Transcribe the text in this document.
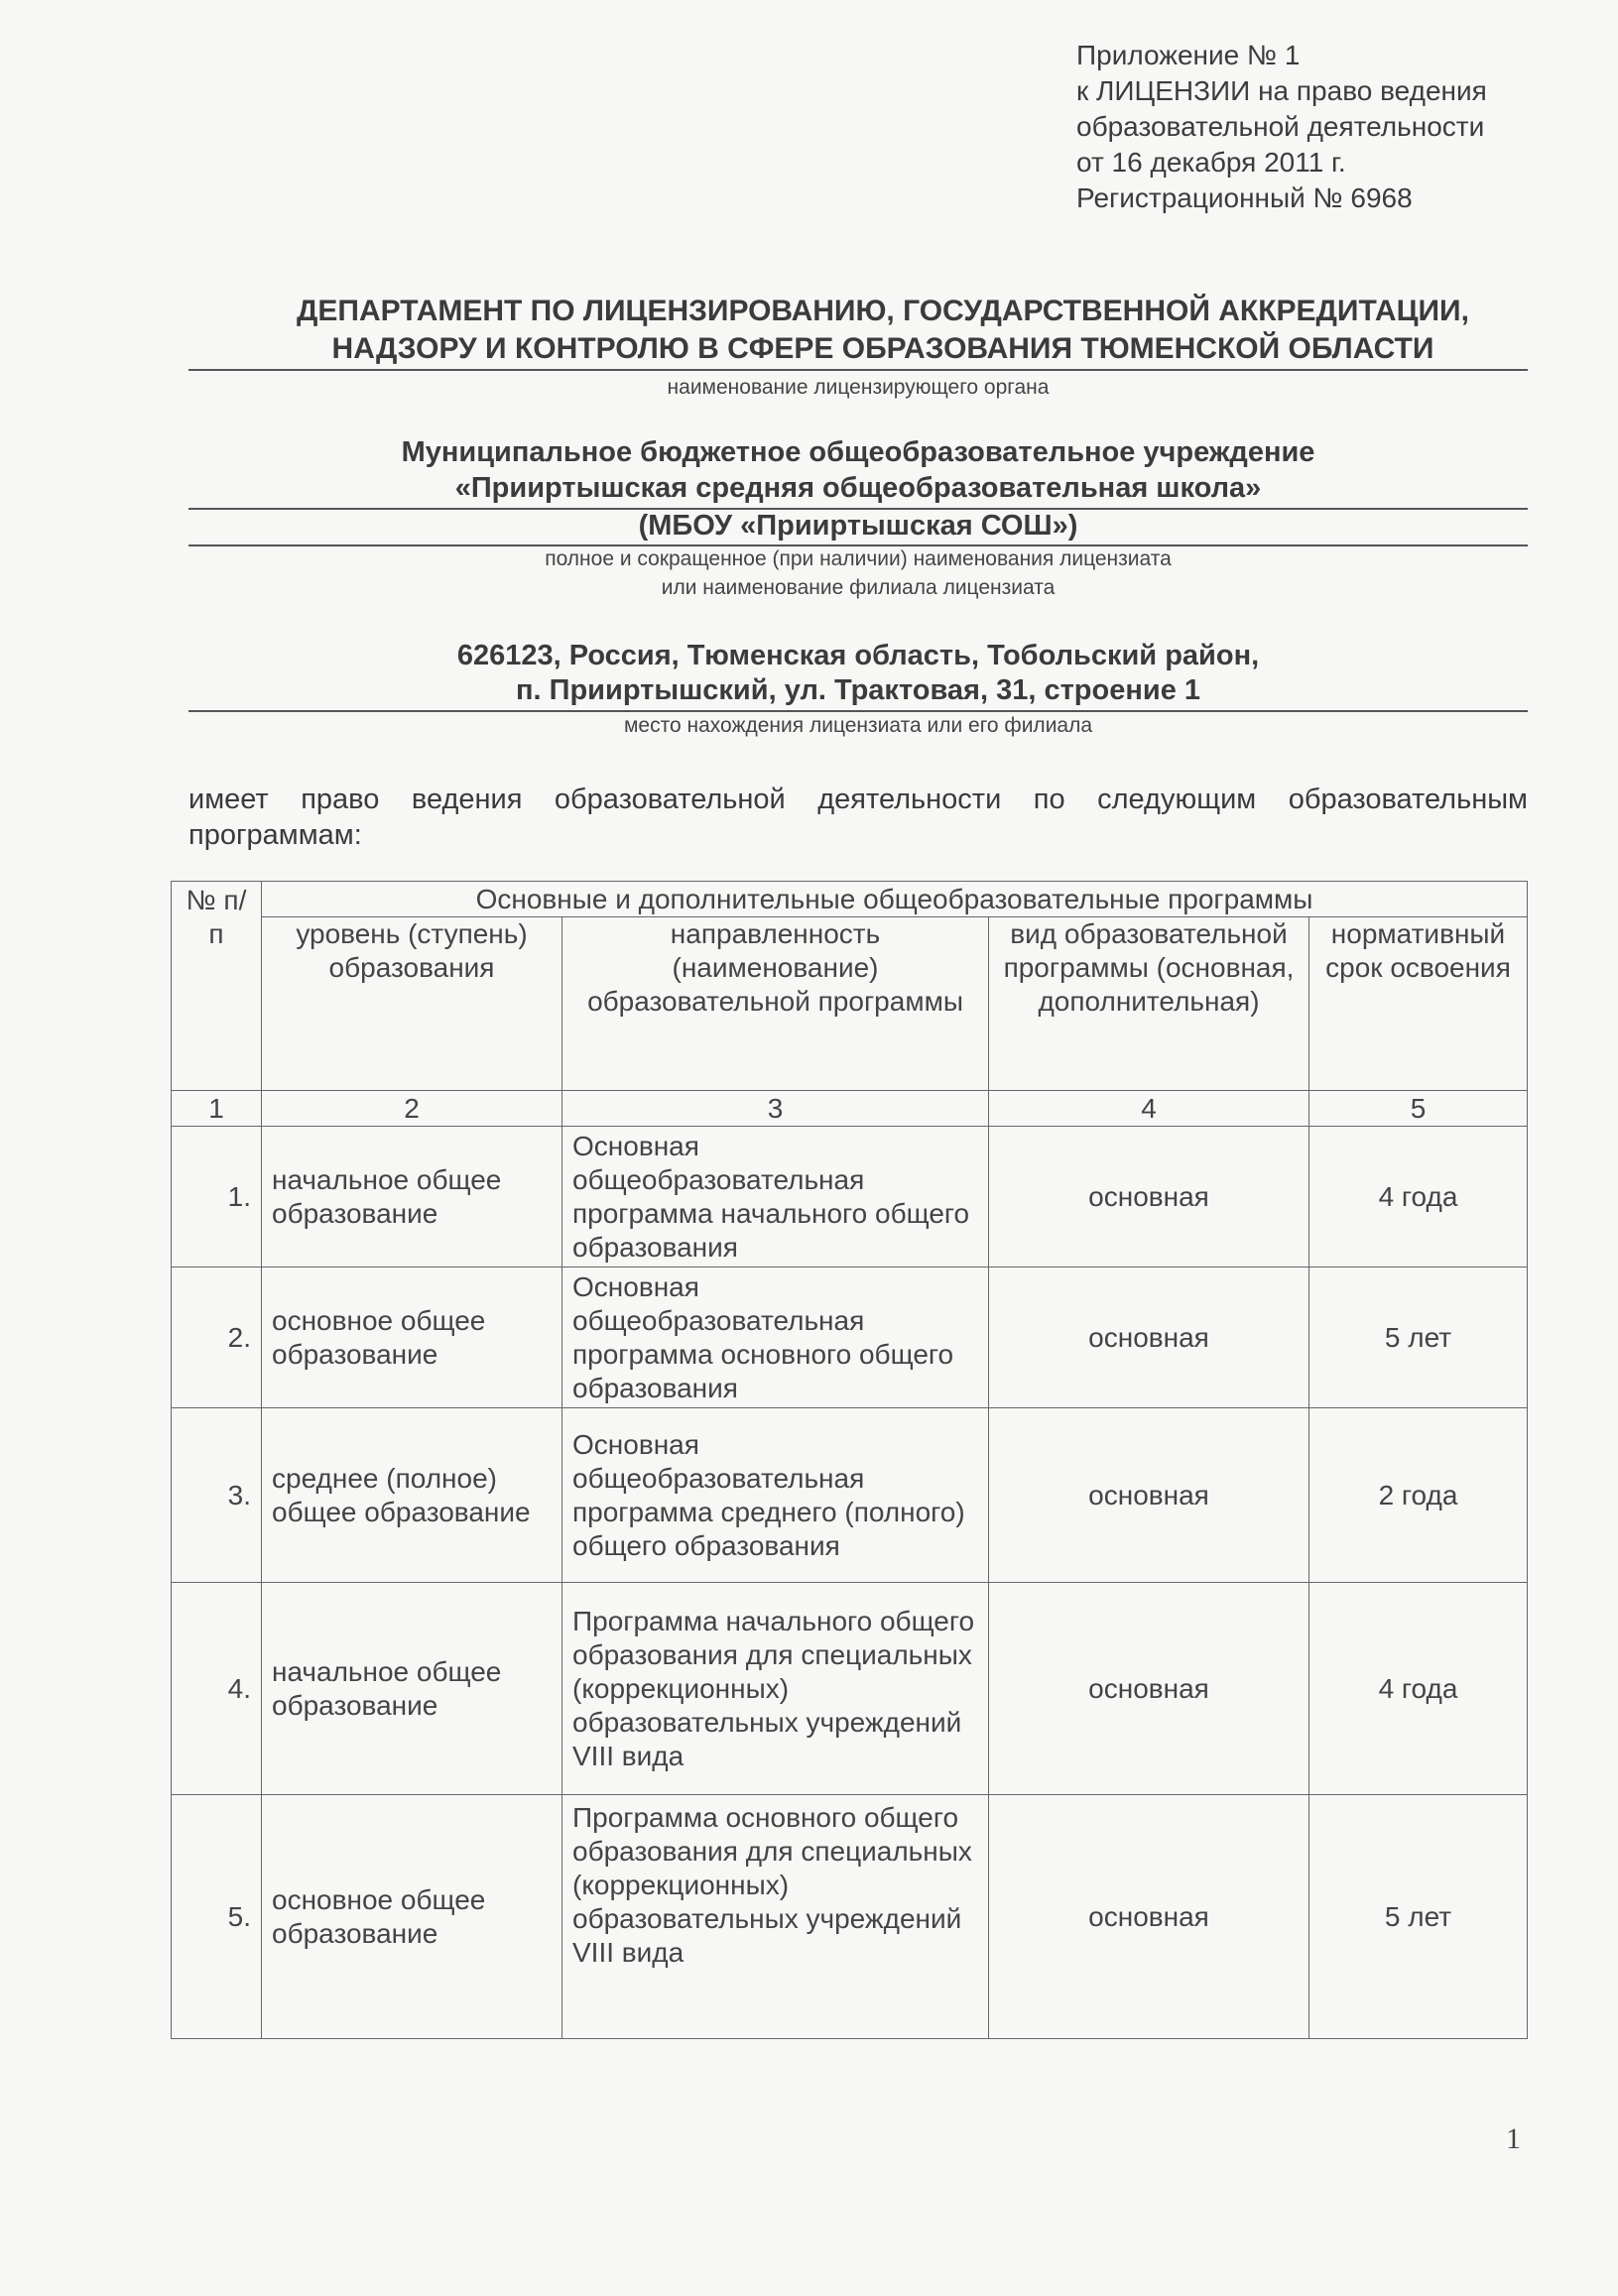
Приложение № 1
к ЛИЦЕНЗИИ на право ведения
образовательной деятельности
от 16 декабря 2011 г.
Регистрационный № 6968
ДЕПАРТАМЕНТ ПО ЛИЦЕНЗИРОВАНИЮ, ГОСУДАРСТВЕННОЙ АККРЕДИТАЦИИ,
НАДЗОРУ И КОНТРОЛЮ В СФЕРЕ ОБРАЗОВАНИЯ ТЮМЕНСКОЙ ОБЛАСТИ
наименование лицензирующего органа
Муниципальное бюджетное общеобразовательное учреждение
«Прииртышская средняя общеобразовательная школа»
(МБОУ «Прииртышская СОШ»)
полное и сокращенное (при наличии) наименования лицензиата
или наименование филиала лицензиата
626123, Россия, Тюменская область, Тобольский район,
п. Прииртышский, ул. Трактовая, 31, строение 1
место нахождения лицензиата или его филиала
имеет право ведения образовательной деятельности по следующим образовательным программам:
№ п/п	Основные и дополнительные общеобразовательные программы			
	уровень (ступень) образования	направленность (наименование) образовательной программы	вид образовательной программы (основная, дополнительная)	нормативный срок освоения
1	2	3	4	5
1.	начальное общее образование	Основная общеобразовательная программа начального общего образования	основная	4 года
2.	основное общее образование	Основная общеобразовательная программа основного общего образования	основная	5 лет
3.	среднее (полное) общее образование	Основная общеобразовательная программа среднего (полного) общего образования	основная	2 года
4.	начальное общее образование	Программа начального общего образования для специальных (коррекционных) образовательных учреждений VIII вида	основная	4 года
5.	основное общее образование	Программа основного общего образования для специальных (коррекционных) образовательных учреждений VIII вида	основная	5 лет
1
